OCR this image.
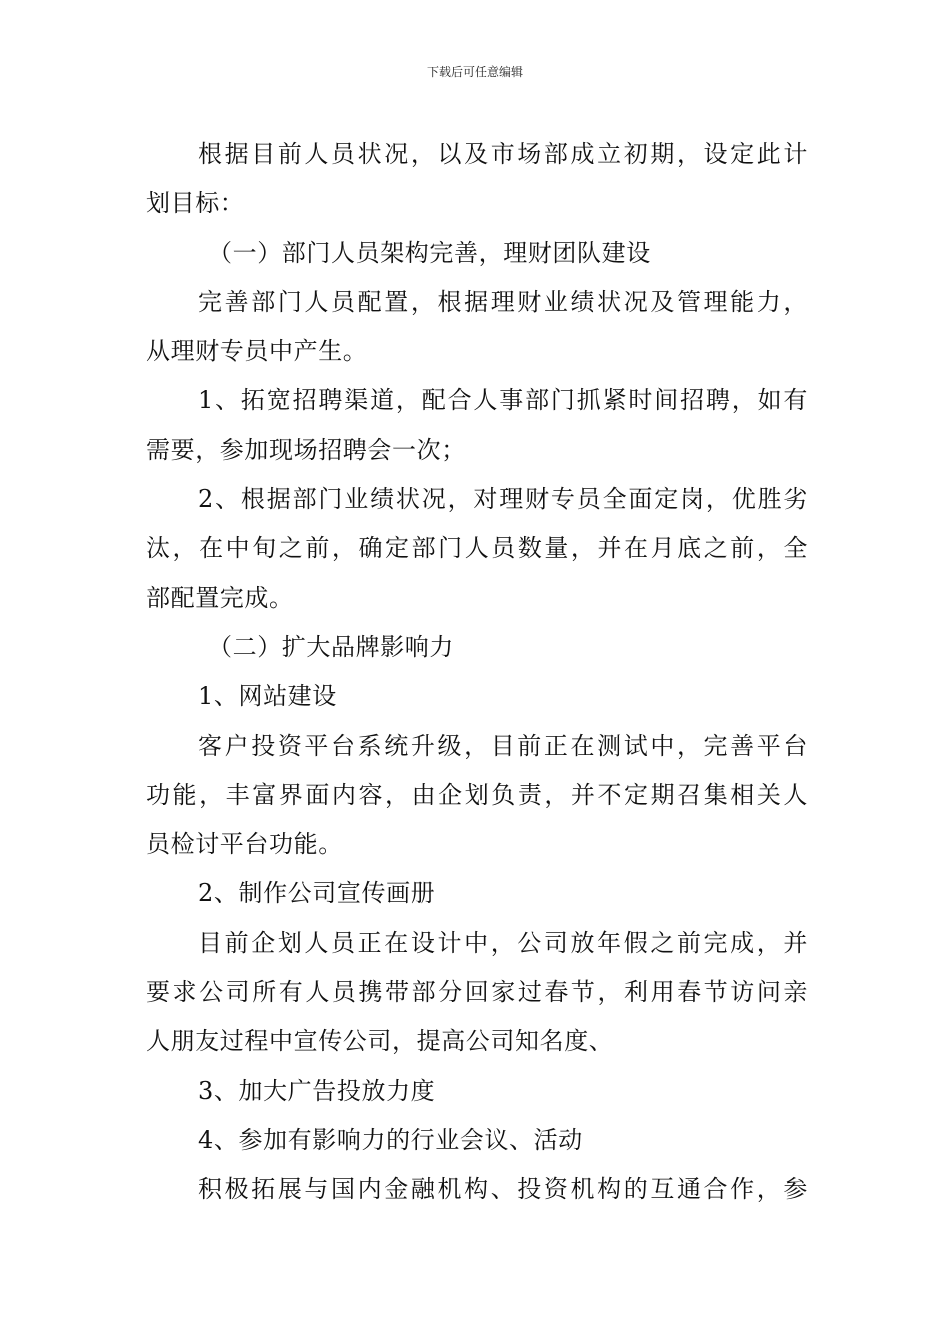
下载后可任意编辑
根据目前人员状况，以及市场部成立初期，设定此计
划目标：
（一）部门人员架构完善，理财团队建设
完善部门人员配置，根据理财业绩状况及管理能力，
从理财专员中产生。
1、拓宽招聘渠道，配合人事部门抓紧时间招聘，如有
需要，参加现场招聘会一次；
2、根据部门业绩状况，对理财专员全面定岗，优胜劣
汰，在中旬之前，确定部门人员数量，并在月底之前，全
部配置完成。
（二）扩大品牌影响力
1、网站建设
客户投资平台系统升级，目前正在测试中，完善平台
功能，丰富界面内容，由企划负责，并不定期召集相关人
员检讨平台功能。
2、制作公司宣传画册
目前企划人员正在设计中，公司放年假之前完成，并
要求公司所有人员携带部分回家过春节，利用春节访问亲
人朋友过程中宣传公司，提高公司知名度、
3、加大广告投放力度
4、参加有影响力的行业会议、活动
积极拓展与国内金融机构、投资机构的互通合作，参
